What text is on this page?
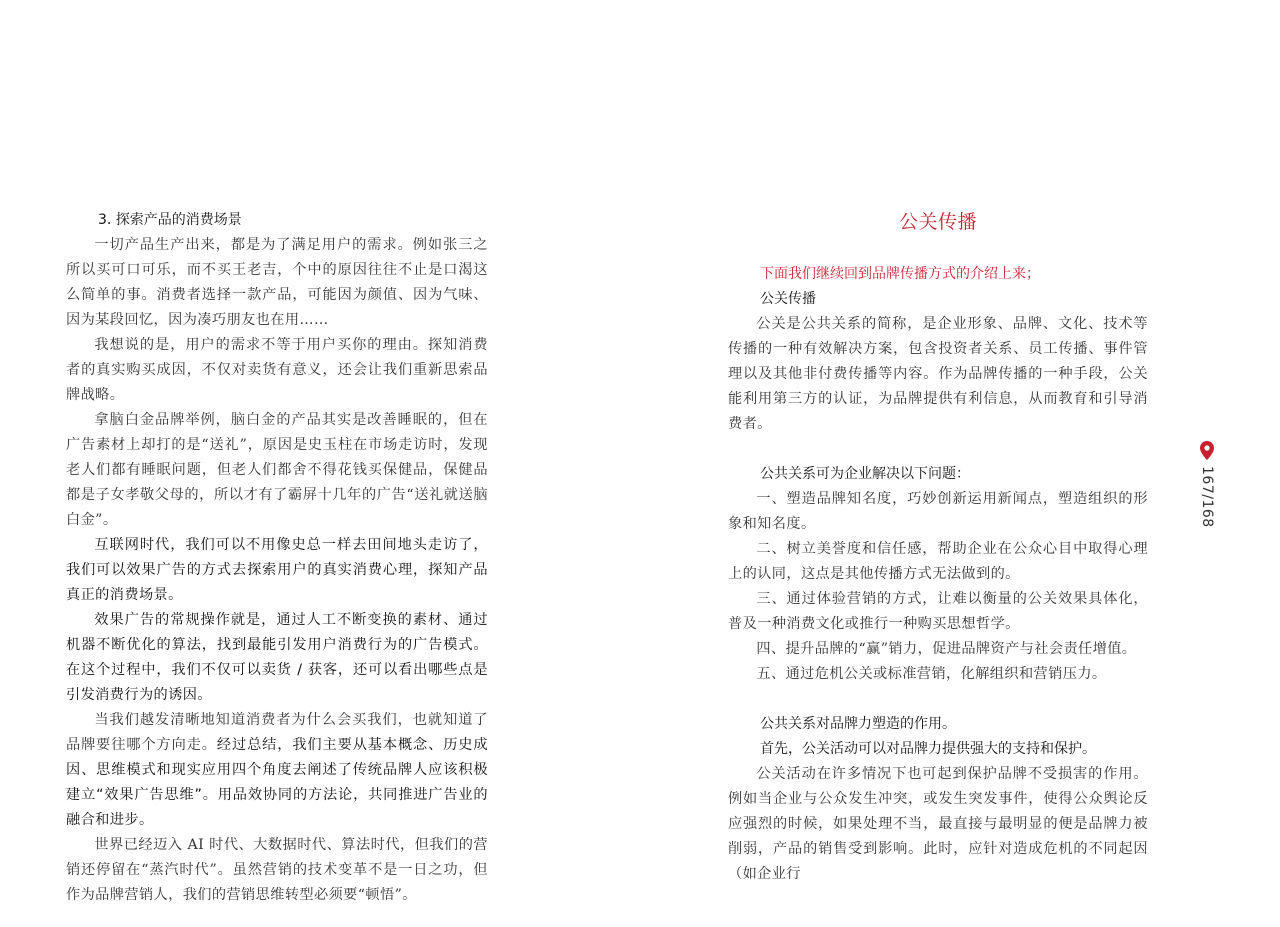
3. 探索产品的消费场景

一切产品生产出来，都是为了满足用户的需求。例如张三之所以买可口可乐，而不买王老吉，个中的原因往往不止是口渴这么简单的事。消费者选择一款产品，可能因为颜值、因为气味、因为某段回忆，因为凑巧朋友也在用……

我想说的是，用户的需求不等于用户买你的理由。探知消费者的真实购买成因，不仅对卖货有意义，还会让我们重新思索品牌战略。

拿脑白金品牌举例，脑白金的产品其实是改善睡眠的，但在广告素材上却打的是“送礼”，原因是史玉柱在市场走访时，发现老人们都有睡眠问题，但老人们都舍不得花钱买保健品，保健品都是子女孝敬父母的，所以才有了霸屏十几年的广告“送礼就送脑白金”。

互联网时代，我们可以不用像史总一样去田间地头走访了，我们可以效果广告的方式去探索用户的真实消费心理，探知产品真正的消费场景。

效果广告的常规操作就是，通过人工不断变换的素材、通过机器不断优化的算法，找到最能引发用户消费行为的广告模式。在这个过程中，我们不仅可以卖货 / 获客，还可以看出哪些点是引发消费行为的诱因。

当我们越发清晰地知道消费者为什么会买我们，也就知道了品牌要往哪个方向走。经过总结，我们主要从基本概念、历史成因、思维模式和现实应用四个角度去阐述了传统品牌人应该积极建立“效果广告思维”。用品效协同的方法论，共同推进广告业的融合和进步。

世界已经迈入 AI 时代、大数据时代、算法时代，但我们的营销还停留在“蒸汽时代”。虽然营销的技术变革不是一日之功，但作为品牌营销人，我们的营销思维转型必须要“顿悟”。

公关传播
下面我们继续回到品牌传播方式的介绍上来；
公关传播

公关是公共关系的简称，是企业形象、品牌、文化、技术等传播的一种有效解决方案，包含投资者关系、员工传播、事件管理以及其他非付费传播等内容。作为品牌传播的一种手段，公关能利用第三方的认证，为品牌提供有利信息，从而教育和引导消费者。

公共关系可为企业解决以下问题：

一、塑造品牌知名度，巧妙创新运用新闻点，塑造组织的形象和知名度。

二、树立美誉度和信任感，帮助企业在公众心目中取得心理上的认同，这点是其他传播方式无法做到的。

三、通过体验营销的方式，让难以衡量的公关效果具体化，普及一种消费文化或推行一种购买思想哲学。

四、提升品牌的“赢”销力，促进品牌资产与社会责任增值。

五、通过危机公关或标准营销，化解组织和营销压力。

公共关系对品牌力塑造的作用。
首先，公关活动可以对品牌力提供强大的支持和保护。

公关活动在许多情况下也可起到保护品牌不受损害的作用。例如当企业与公众发生冲突，或发生突发事件，使得公众舆论反应强烈的时候，如果处理不当，最直接与最明显的便是品牌力被削弱，产品的销售受到影响。此时，应针对造成危机的不同起因（如企业行

167/168
